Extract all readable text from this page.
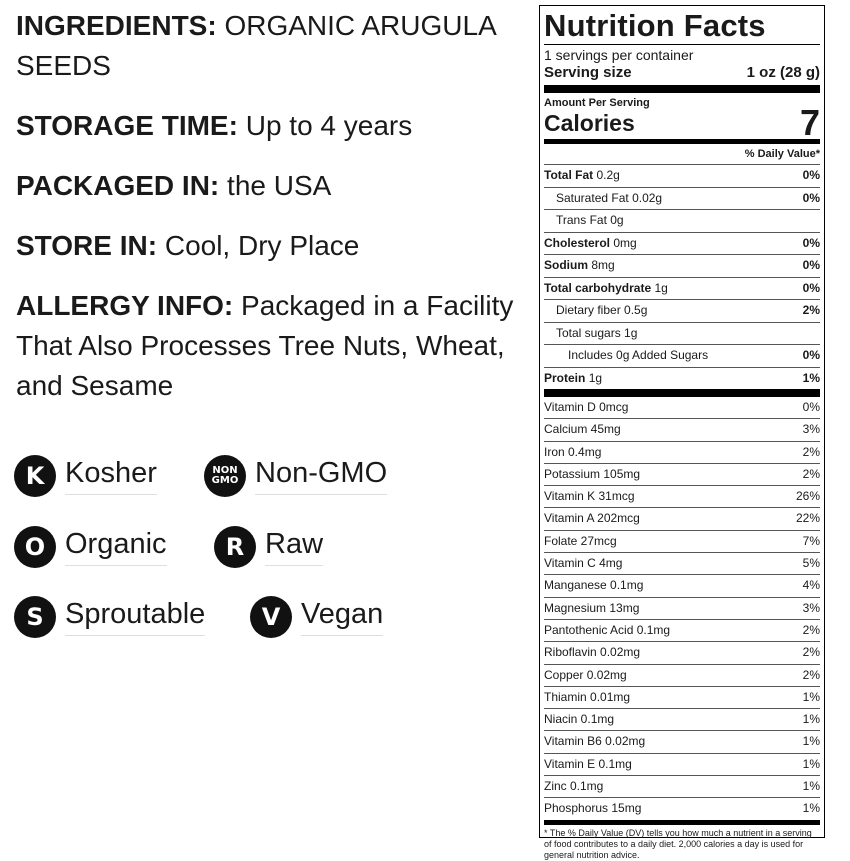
INGREDIENTS: ORGANIC ARUGULA SEEDS

STORAGE TIME: Up to 4 years

PACKAGED IN: the USA

STORE IN: Cool, Dry Place

ALLERGY INFO: Packaged in a Facility That Also Processes Tree Nuts, Wheat, and Sesame

K Kosher	NON
GMO Non-GMO
O Organic	R Raw
S Sproutable	V Vegan
Nutrition Facts
1 servings per container
Serving size	1 oz (28 g)
Amount Per Serving
Calories	7
% Daily Value*
Total Fat 0.2g	0%
Saturated Fat 0.02g	0%
Trans Fat 0g
Cholesterol 0mg	0%
Sodium 8mg	0%
Total carbohydrate 1g	0%
Dietary fiber 0.5g	2%
Total sugars 1g
Includes 0g Added Sugars	0%
Protein 1g	1%
Vitamin D 0mcg	0%
Calcium 45mg	3%
Iron 0.4mg	2%
Potassium 105mg	2%
Vitamin K 31mcg	26%
Vitamin A 202mcg	22%
Folate 27mcg	7%
Vitamin C 4mg	5%
Manganese 0.1mg	4%
Magnesium 13mg	3%
Pantothenic Acid 0.1mg	2%
Riboflavin 0.02mg	2%
Copper 0.02mg	2%
Thiamin 0.01mg	1%
Niacin 0.1mg	1%
Vitamin B6 0.02mg	1%
Vitamin E 0.1mg	1%
Zinc 0.1mg	1%
Phosphorus 15mg	1%
* The % Daily Value (DV) tells you how much a nutrient in a serving of food contributes to a daily diet. 2,000 calories a day is used for general nutrition advice.
